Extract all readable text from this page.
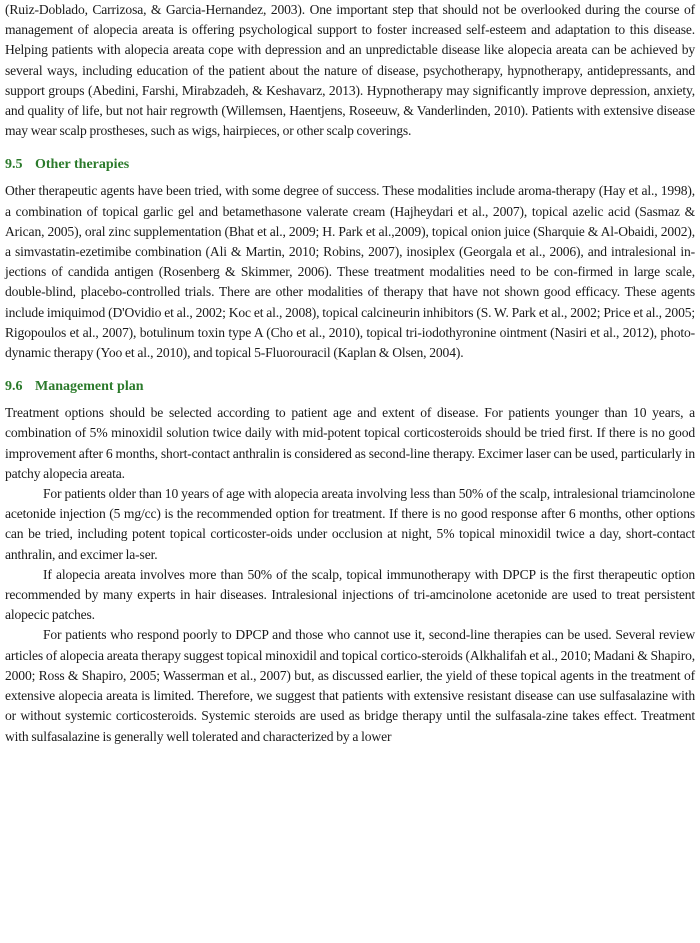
(Ruiz-Doblado, Carrizosa, & Garcia-Hernandez, 2003). One important step that should not be overlooked during the course of management of alopecia areata is offering psychological support to foster increased self-esteem and adaptation to this disease. Helping patients with alopecia areata cope with depression and an unpredictable disease like alopecia areata can be achieved by several ways, including education of the patient about the nature of disease, psychotherapy, hypnotherapy, antidepressants, and support groups (Abedini, Farshi, Mirabzadeh, & Keshavarz, 2013). Hypnotherapy may significantly improve depression, anxiety, and quality of life, but not hair regrowth (Willemsen, Haentjens, Roseeuw, & Vanderlinden, 2010). Patients with extensive disease may wear scalp prostheses, such as wigs, hairpieces, or other scalp coverings.

9.5 Other therapies

Other therapeutic agents have been tried, with some degree of success. These modalities include aroma-therapy (Hay et al., 1998), a combination of topical garlic gel and betamethasone valerate cream (Hajheydari et al., 2007), topical azelic acid (Sasmaz & Arican, 2005), oral zinc supplementation (Bhat et al., 2009; H. Park et al.,2009), topical onion juice (Sharquie & Al-Obaidi, 2002), a simvastatin-ezetimibe combination (Ali & Martin, 2010; Robins, 2007), inosiplex (Georgala et al., 2006), and intralesional in-jections of candida antigen (Rosenberg & Skimmer, 2006). These treatment modalities need to be con-firmed in large scale, double-blind, placebo-controlled trials. There are other modalities of therapy that have not shown good efficacy. These agents include imiquimod (D'Ovidio et al., 2002; Koc et al., 2008), topical calcineurin inhibitors (S. W. Park et al., 2002; Price et al., 2005; Rigopoulos et al., 2007), botulinum toxin type A (Cho et al., 2010), topical tri-iodothyronine ointment (Nasiri et al., 2012), photo-dynamic therapy (Yoo et al., 2010), and topical 5-Fluorouracil (Kaplan & Olsen, 2004).

9.6 Management plan

Treatment options should be selected according to patient age and extent of disease. For patients younger than 10 years, a combination of 5% minoxidil solution twice daily with mid-potent topical corticosteroids should be tried first. If there is no good improvement after 6 months, short-contact anthralin is considered as second-line therapy. Excimer laser can be used, particularly in patchy alopecia areata.

For patients older than 10 years of age with alopecia areata involving less than 50% of the scalp, intralesional triamcinolone acetonide injection (5 mg/cc) is the recommended option for treatment. If there is no good response after 6 months, other options can be tried, including potent topical corticoster-oids under occlusion at night, 5% topical minoxidil twice a day, short-contact anthralin, and excimer la-ser.

If alopecia areata involves more than 50% of the scalp, topical immunotherapy with DPCP is the first therapeutic option recommended by many experts in hair diseases. Intralesional injections of tri-amcinolone acetonide are used to treat persistent alopecic patches.

For patients who respond poorly to DPCP and those who cannot use it, second-line therapies can be used. Several review articles of alopecia areata therapy suggest topical minoxidil and topical cortico-steroids (Alkhalifah et al., 2010; Madani & Shapiro, 2000; Ross & Shapiro, 2005; Wasserman et al., 2007) but, as discussed earlier, the yield of these topical agents in the treatment of extensive alopecia areata is limited. Therefore, we suggest that patients with extensive resistant disease can use sulfasalazine with or without systemic corticosteroids. Systemic steroids are used as bridge therapy until the sulfasala-zine takes effect. Treatment with sulfasalazine is generally well tolerated and characterized by a lower
